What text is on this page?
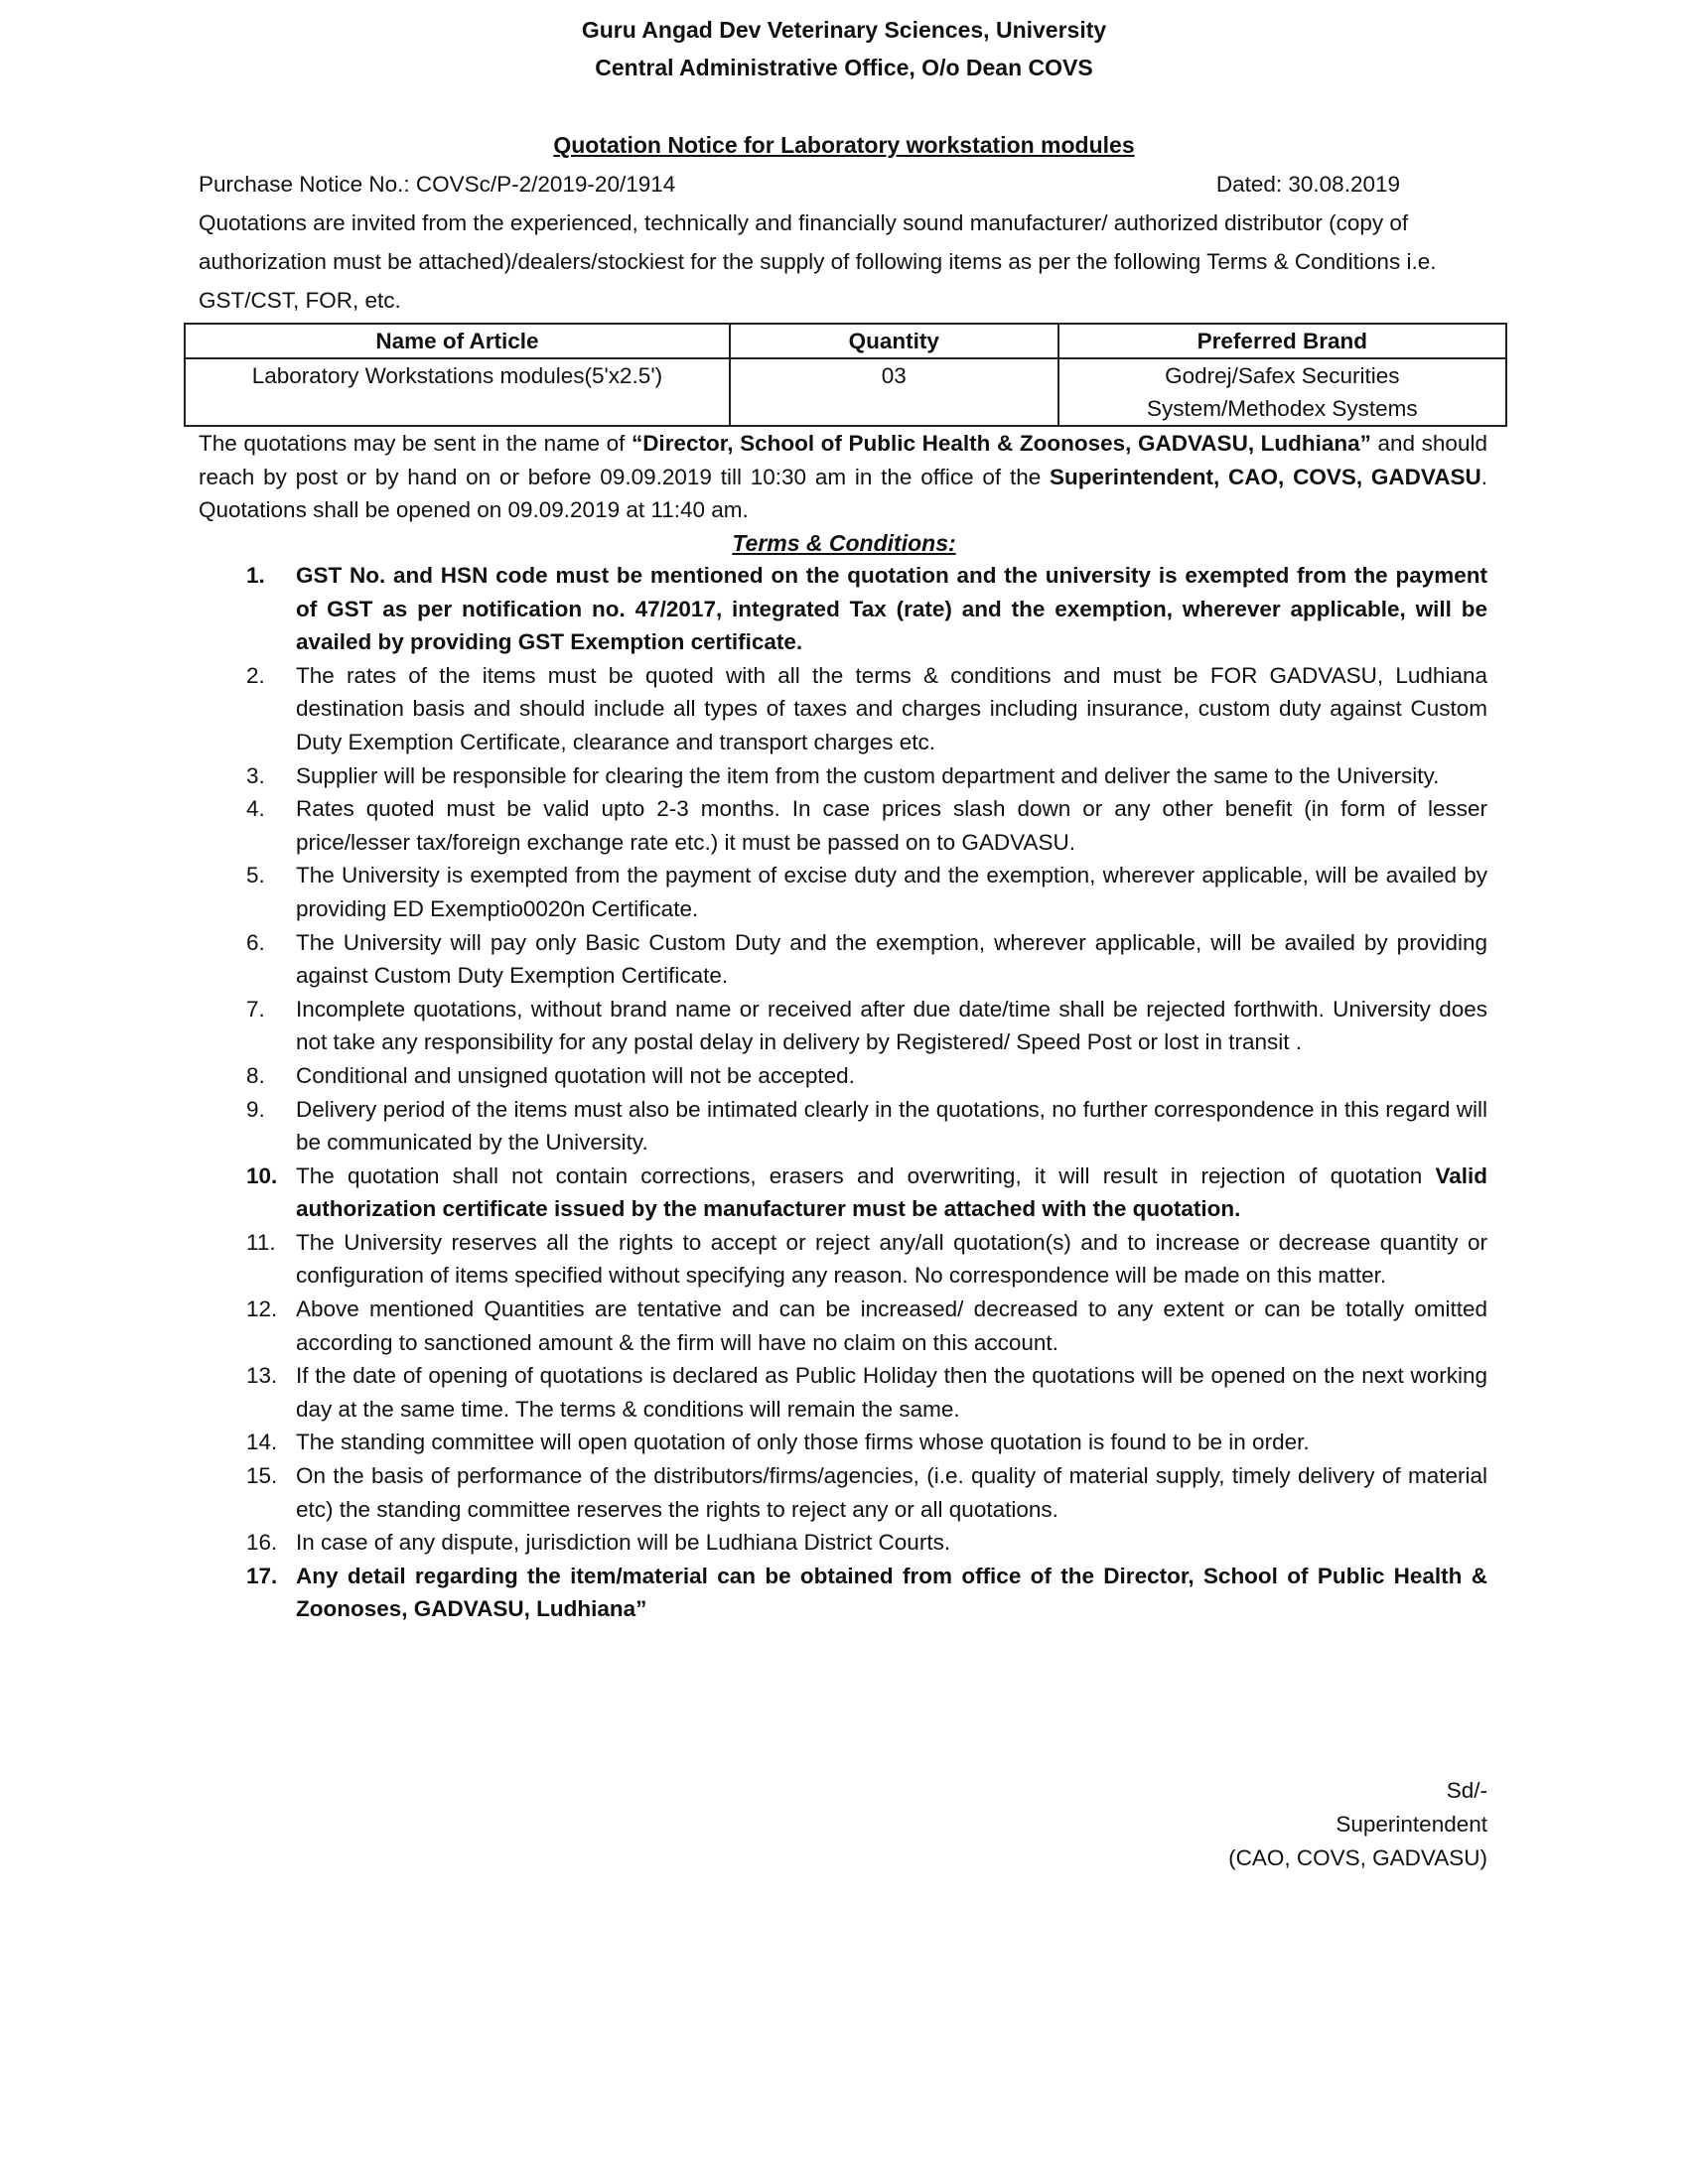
Guru Angad Dev Veterinary Sciences, University
Central Administrative Office, O/o Dean COVS
Quotation Notice for Laboratory workstation modules
Purchase Notice No.: COVSc/P-2/2019-20/1914	Dated: 30.08.2019
Quotations are invited from the experienced, technically and financially sound manufacturer/ authorized distributor (copy of authorization must be attached)/dealers/stockiest for the supply of following items as per the following Terms & Conditions i.e. GST/CST, FOR, etc.
Name of Article	Quantity	Preferred Brand
Laboratory Workstations modules(5'x2.5')	03	Godrej/Safex Securities System/Methodex Systems
The quotations may be sent in the name of “Director, School of Public Health & Zoonoses, GADVASU, Ludhiana” and should reach by post or by hand on or before 09.09.2019 till 10:30 am in the office of the Superintendent, CAO, COVS, GADVASU. Quotations shall be opened on 09.09.2019 at 11:40 am.
Terms & Conditions:
1. GST No. and HSN code must be mentioned on the quotation and the university is exempted from the payment of GST as per notification no. 47/2017, integrated Tax (rate) and the exemption, wherever applicable, will be availed by providing GST Exemption certificate.
2. The rates of the items must be quoted with all the terms & conditions and must be FOR GADVASU, Ludhiana destination basis and should include all types of taxes and charges including insurance, custom duty against Custom Duty Exemption Certificate, clearance and transport charges etc.
3. Supplier will be responsible for clearing the item from the custom department and deliver the same to the University.
4. Rates quoted must be valid upto 2-3 months. In case prices slash down or any other benefit (in form of lesser price/lesser tax/foreign exchange rate etc.) it must be passed on to GADVASU.
5. The University is exempted from the payment of excise duty and the exemption, wherever applicable, will be availed by providing ED Exemptio0020n Certificate.
6. The University will pay only Basic Custom Duty and the exemption, wherever applicable, will be availed by providing against Custom Duty Exemption Certificate.
7. Incomplete quotations, without brand name or received after due date/time shall be rejected forthwith. University does not take any responsibility for any postal delay in delivery by Registered/ Speed Post or lost in transit .
8. Conditional and unsigned quotation will not be accepted.
9. Delivery period of the items must also be intimated clearly in the quotations, no further correspondence in this regard will be communicated by the University.
10. The quotation shall not contain corrections, erasers and overwriting, it will result in rejection of quotation Valid authorization certificate issued by the manufacturer must be attached with the quotation.
11. The University reserves all the rights to accept or reject any/all quotation(s) and to increase or decrease quantity or configuration of items specified without specifying any reason. No correspondence will be made on this matter.
12. Above mentioned Quantities are tentative and can be increased/ decreased to any extent or can be totally omitted according to sanctioned amount & the firm will have no claim on this account.
13. If the date of opening of quotations is declared as Public Holiday then the quotations will be opened on the next working day at the same time. The terms & conditions will remain the same.
14. The standing committee will open quotation of only those firms whose quotation is found to be in order.
15. On the basis of performance of the distributors/firms/agencies, (i.e. quality of material supply, timely delivery of material etc) the standing committee reserves the rights to reject any or all quotations.
16. In case of any dispute, jurisdiction will be Ludhiana District Courts.
17. Any detail regarding the item/material can be obtained from office of the Director, School of Public Health & Zoonoses, GADVASU, Ludhiana”
Sd/-
Superintendent
(CAO, COVS, GADVASU)
